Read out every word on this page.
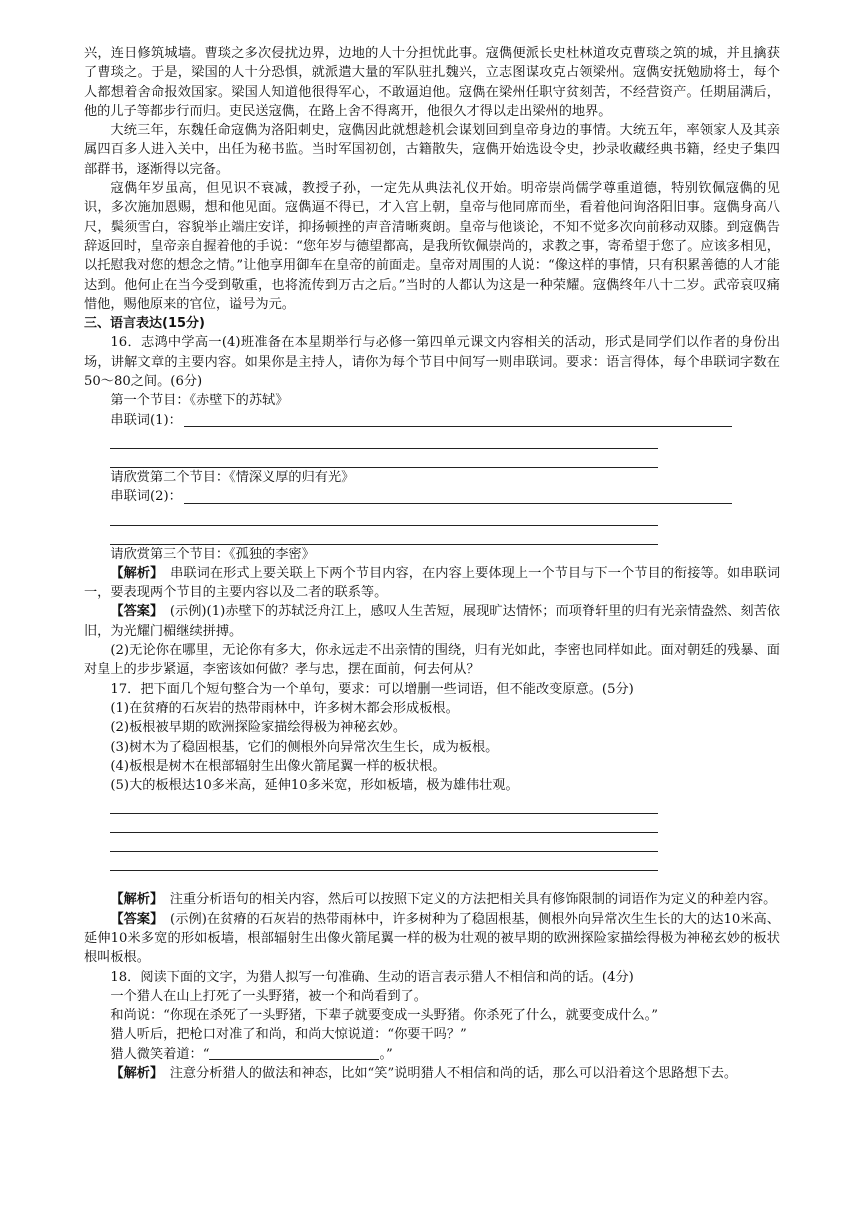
兴，连日修筑城墙。曹琰之多次侵扰边界，边地的人十分担忧此事。寇儁便派长史杜林道攻克曹琰之筑的城，并且擒获了曹琰之。于是，梁国的人十分恐惧，就派遣大量的军队驻扎魏兴，立志图谋攻克占领梁州。寇儁安抚勉励将士，每个人都想着舍命报效国家。梁国人知道他很得军心，不敢逼迫他。寇儁在梁州任职守贫刻苦，不经营资产。任期届满后，他的儿子等都步行而归。吏民送寇儁，在路上舍不得离开，他很久才得以走出梁州的地界。

大统三年，东魏任命寇儁为洛阳刺史，寇儁因此就想趁机会谋划回到皇帝身边的事情。大统五年，率领家人及其亲属四百多人进入关中，出任为秘书监。当时军国初创，古籍散失，寇儁开始选设令史，抄录收藏经典书籍，经史子集四部群书，逐渐得以完备。

寇儁年岁虽高，但见识不衰减，教授子孙，一定先从典法礼仪开始。明帝崇尚儒学尊重道德，特别钦佩寇儁的见识，多次施加恩赐，想和他见面。寇儁逼不得已，才入宫上朝，皇帝与他同席而坐，看着他问询洛阳旧事。寇儁身高八尺，鬓须雪白，容貌举止端庄安详，抑扬顿挫的声音清晰爽朗。皇帝与他谈论，不知不觉多次向前移动双膝。到寇儁告辞返回时，皇帝亲自握着他的手说：“您年岁与德望都高，是我所钦佩崇尚的，求教之事，寄希望于您了。应该多相见，以托慰我对您的想念之情。”让他享用御车在皇帝的前面走。皇帝对周围的人说：“像这样的事情，只有积累善德的人才能达到。他何止在当今受到敬重，也将流传到万古之后。”当时的人都认为这是一种荣耀。寇儁终年八十二岁。武帝哀叹痛惜他，赐他原来的官位，谥号为元。

三、语言表达(15分)

16．志鸿中学高一(4)班准备在本星期举行与必修一第四单元课文内容相关的活动，形式是同学们以作者的身份出场，讲解文章的主要内容。如果你是主持人，请你为每个节目中间写一则串联词。要求：语言得体，每个串联词字数在50～80之间。(6分)

第一个节目：《赤壁下的苏轼》

串联词(1)：

请欣赏第二个节目：《情深义厚的归有光》

串联词(2)：

请欣赏第三个节目：《孤独的李密》

【解析】　串联词在形式上要关联上下两个节目内容，在内容上要体现上一个节目与下一个节目的衔接等。如串联词一，要表现两个节目的主要内容以及二者的联系等。

【答案】　(示例)(1)赤壁下的苏轼泛舟江上，感叹人生苦短，展现旷达情怀；而项脊轩里的归有光亲情盎然、刻苦依旧，为光耀门楣继续拼搏。

(2)无论你在哪里，无论你有多大，你永远走不出亲情的围绕，归有光如此，李密也同样如此。面对朝廷的残暴、面对皇上的步步紧逼，李密该如何做？孝与忠，摆在面前，何去何从？

17．把下面几个短句整合为一个单句，要求：可以增删一些词语，但不能改变原意。(5分)

(1)在贫瘠的石灰岩的热带雨林中，许多树木都会形成板根。

(2)板根被早期的欧洲探险家描绘得极为神秘玄妙。

(3)树木为了稳固根基，它们的侧根外向异常次生生长，成为板根。

(4)板根是树木在根部辐射生出像火箭尾翼一样的板状根。

(5)大的板根达10多米高，延伸10多米宽，形如板墙，极为雄伟壮观。

【解析】　注重分析语句的相关内容，然后可以按照下定义的方法把相关具有修饰限制的词语作为定义的种差内容。

【答案】　(示例)在贫瘠的石灰岩的热带雨林中，许多树种为了稳固根基，侧根外向异常次生生长的大的达10米高、延伸10米多宽的形如板墙，根部辐射生出像火箭尾翼一样的极为壮观的被早期的欧洲探险家描绘得极为神秘玄妙的板状根叫板根。

18．阅读下面的文字，为猎人拟写一句准确、生动的语言表示猎人不相信和尚的话。(4分)

一个猎人在山上打死了一头野猪，被一个和尚看到了。

和尚说：“你现在杀死了一头野猪，下辈子就要变成一头野猪。你杀死了什么，就要变成什么。”

猎人听后，把枪口对准了和尚，和尚大惊说道：“你要干吗？”

猎人微笑着道：“	。”

【解析】　注意分析猎人的做法和神态，比如“笑”说明猎人不相信和尚的话，那么可以沿着这个思路想下去。
